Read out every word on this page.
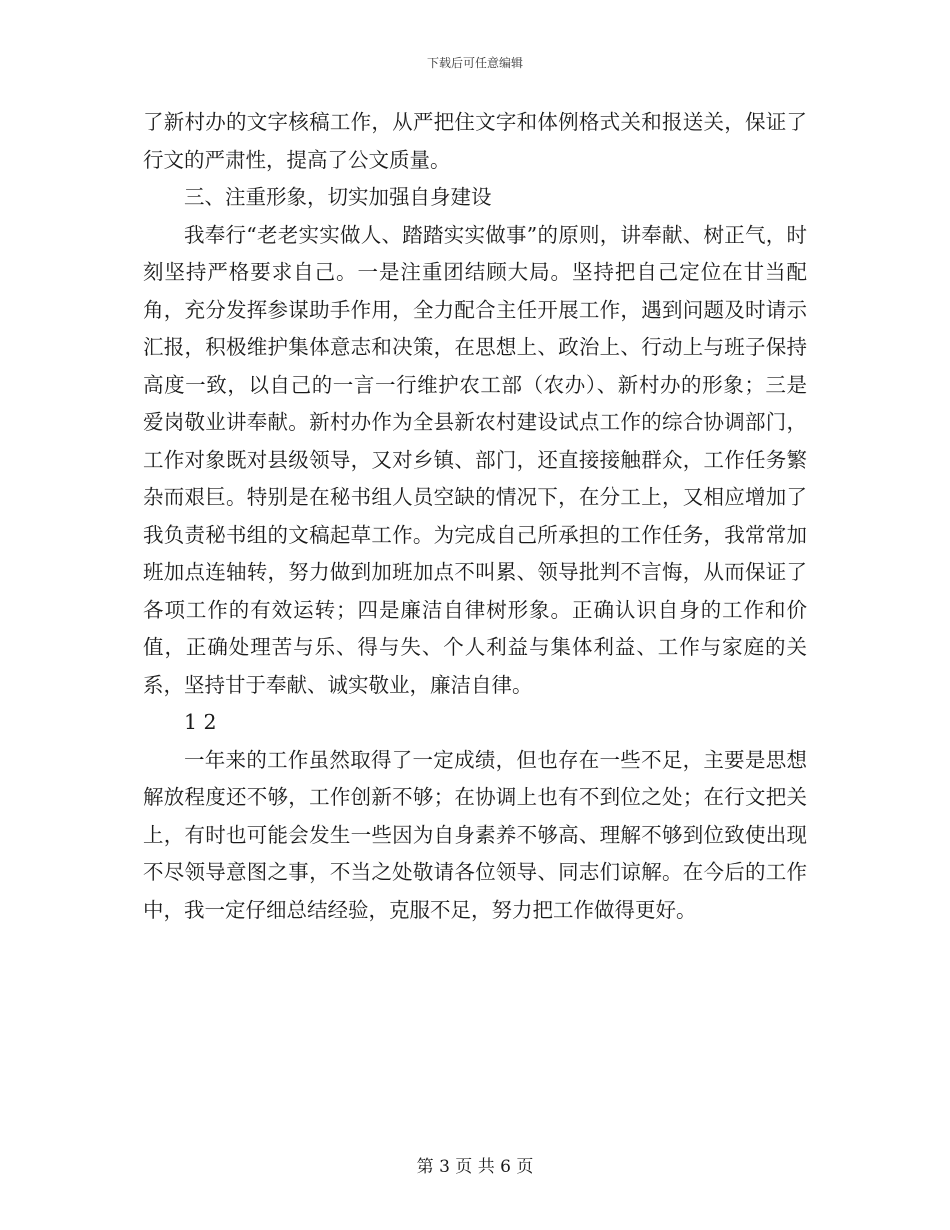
下载后可任意编辑

了新村办的文字核稿工作，从严把住文字和体例格式关和报送关，保证了行文的严肃性，提高了公文质量。

三、注重形象，切实加强自身建设

我奉行“老老实实做人、踏踏实实做事”的原则，讲奉献、树正气，时刻坚持严格要求自己。一是注重团结顾大局。坚持把自己定位在甘当配角，充分发挥参谋助手作用，全力配合主任开展工作，遇到问题及时请示汇报，积极维护集体意志和决策，在思想上、政治上、行动上与班子保持高度一致，以自己的一言一行维护农工部（农办）、新村办的形象；三是爱岗敬业讲奉献。新村办作为全县新农村建设试点工作的综合协调部门，工作对象既对县级领导，又对乡镇、部门，还直接接触群众，工作任务繁杂而艰巨。特别是在秘书组人员空缺的情况下，在分工上，又相应增加了我负责秘书组的文稿起草工作。为完成自己所承担的工作任务，我常常加班加点连轴转，努力做到加班加点不叫累、领导批判不言悔，从而保证了各项工作的有效运转；四是廉洁自律树形象。正确认识自身的工作和价值，正确处理苦与乐、得与失、个人利益与集体利益、工作与家庭的关系，坚持甘于奉献、诚实敬业，廉洁自律。

1 2

一年来的工作虽然取得了一定成绩，但也存在一些不足，主要是思想解放程度还不够，工作创新不够；在协调上也有不到位之处；在行文把关上，有时也可能会发生一些因为自身素养不够高、理解不够到位致使出现不尽领导意图之事，不当之处敬请各位领导、同志们谅解。在今后的工作中，我一定仔细总结经验，克服不足，努力把工作做得更好。

第 3 页 共 6 页
